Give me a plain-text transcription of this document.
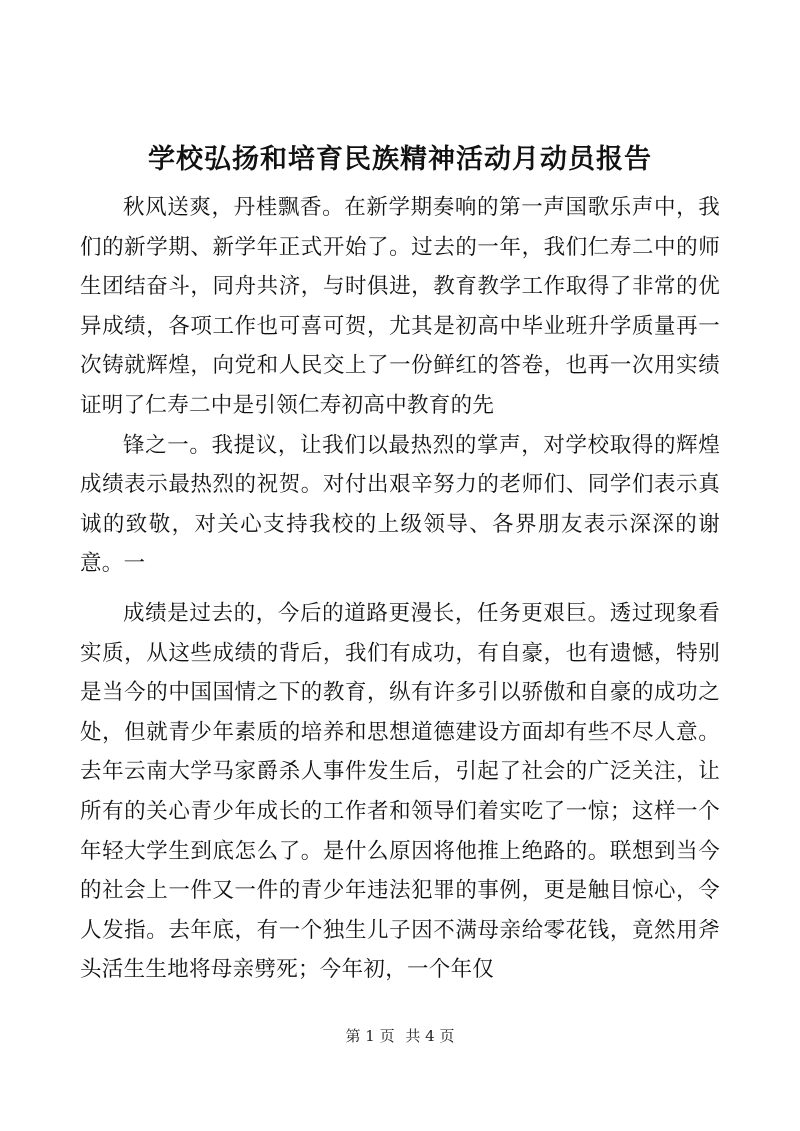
学校弘扬和培育民族精神活动月动员报告

秋风送爽，丹桂飘香。在新学期奏响的第一声国歌乐声中，我们的新学期、新学年正式开始了。过去的一年，我们仁寿二中的师生团结奋斗，同舟共济，与时俱进，教育教学工作取得了非常的优异成绩，各项工作也可喜可贺，尤其是初高中毕业班升学质量再一次铸就辉煌，向党和人民交上了一份鲜红的答卷，也再一次用实绩证明了仁寿二中是引领仁寿初高中教育的先

锋之一。我提议，让我们以最热烈的掌声，对学校取得的辉煌成绩表示最热烈的祝贺。对付出艰辛努力的老师们、同学们表示真诚的致敬，对关心支持我校的上级领导、各界朋友表示深深的谢意。一

成绩是过去的，今后的道路更漫长，任务更艰巨。透过现象看实质，从这些成绩的背后，我们有成功，有自豪，也有遗憾，特别是当今的中国国情之下的教育，纵有许多引以骄傲和自豪的成功之处，但就青少年素质的培养和思想道德建设方面却有些不尽人意。去年云南大学马家爵杀人事件发生后，引起了社会的广泛关注，让所有的关心青少年成长的工作者和领导们着实吃了一惊；这样一个年轻大学生到底怎么了。是什么原因将他推上绝路的。联想到当今的社会上一件又一件的青少年违法犯罪的事例，更是触目惊心，令人发指。去年底，有一个独生儿子因不满母亲给零花钱，竟然用斧头活生生地将母亲劈死；今年初，一个年仅

第 1 页 共 4 页
